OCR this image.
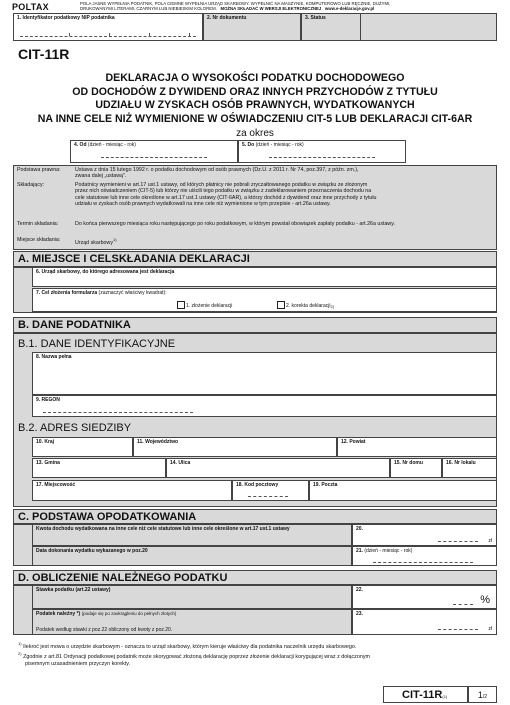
POLTAX	POLA JASNE WYPEŁNIA PODATNIK, POLA CIEMNE WYPEŁNIA URZĄD SKARBOWY. WYPEŁNIĆ NA MASZYNIE, KOMPUTEROWO LUB RĘCZNIE, DUŻYMI,
DRUKOWANYMI LITERAMI, CZARNYM LUB NIEBIESKIM KOLOREM. MOŻNA SKŁADAĆ W WERSJI ELEKTRONICZNEJ www.e-deklaracje.gov.pl
1. Identyfikator podatkowy NIP podatnika	2. Nr dokumentu	3. Status
CIT-11R
DEKLARACJA O WYSOKOŚCI PODATKU DOCHODOWEGO
OD DOCHODÓW Z DYWIDEND ORAZ INNYCH PRZYCHODÓW Z TYTUŁU
UDZIAŁU W ZYSKACH OSÓB PRAWNYCH, WYDATKOWANYCH
NA INNE CELE NIŻ WYMIENIONE W OŚWIADCZENIU CIT-5 LUB DEKLARACJI CIT-6AR
za okres
4. Od (dzień - miesiąc - rok)	5. Do (dzień - miesiąc - rok)
Podstawa prawna:	Ustawa z dnia 15 lutego 1992 r. o podatku dochodowym od osób prawnych (Dz.U. z 2011 r. Nr 74, poz.397, z późn. zm.),
zwana dalej „ustawą".
Składający:	Podatnicy wymienieni w art.17 ust.1 ustawy, od których płatnicy nie pobrali zryczałtowanego podatku w związku ze złożonym
przez nich oświadczeniem (CIT-5) lub którzy nie uiścili tego podatku w związku z zadeklarowaniem przeznaczenia dochodu na
cele statutowe lub inne cele określone w art.17 ust.1 ustawy (CIT-6AR), a którzy dochód z dywidend oraz inne przychody z tytułu
udziału w zyskach osób prawnych wydatkowali na inne cele niż wymienione w tym przepisie - art.26a ustawy.
Termin składania:	Do końca pierwszego miesiąca roku następującego po roku podatkowym, w którym powstał obowiązek zapłaty podatku - art.26a ustawy.
Miejsce składania:	Urząd skarbowy$^{1)}$
A. MIEJSCE I CELSKŁADANIA DEKLARACJI
6. Urząd skarbowy, do którego adresowana jest deklaracja
7. Cel złożenia formularza (zaznaczyć właściwy kwadrat):
1. złożenie deklaracji	2. korekta deklaracji 2)
B. DANE PODATNIKA
B.1. DANE IDENTYFIKACYJNE
8. Nazwa pełna
9. REGON
B.2. ADRES SIEDZIBY
10. Kraj	11. Województwo	12. Powiat
13. Gmina	14. Ulica	15. Nr domu	16. Nr lokalu
17. Miejscowość	18. Kod pocztowy	19. Poczta
C. PODSTAWA OPODATKOWANIA
Kwota dochodu wydatkowana na inne cele niż cele statutowe lub inne cele określone w art.17 ust.1 ustawy	20.
zł
Data dokonania wydatku wykazanego w poz.20	21. (dzień - miesiąc - rok)
D. OBLICZENIE NALEŻNEGO PODATKU
Stawka podatku (art.22 ustawy)	22.
%
Podatek należny *) (podaje się po zaokrągleniu do pełnych złotych)
Podatek według stawki z poz.22 obliczony od kwoty z poz.20.
23.
zł
$^{1)}$ Ilekroć jest mowa o urzędzie skarbowym - oznacza to urząd skarbowy, którym kieruje właściwy dla podatnika naczelnik urzędu skarbowego.
$^{2)}$ Zgodnie z art.81 Ordynacji podatkowej podatnik może skorygować złożoną deklarację poprzez złożenie deklaracji korygującej wraz z dołączonym
pisemnym uzasadnieniem przyczyn korekty.
CIT-11R(1)	1/2
